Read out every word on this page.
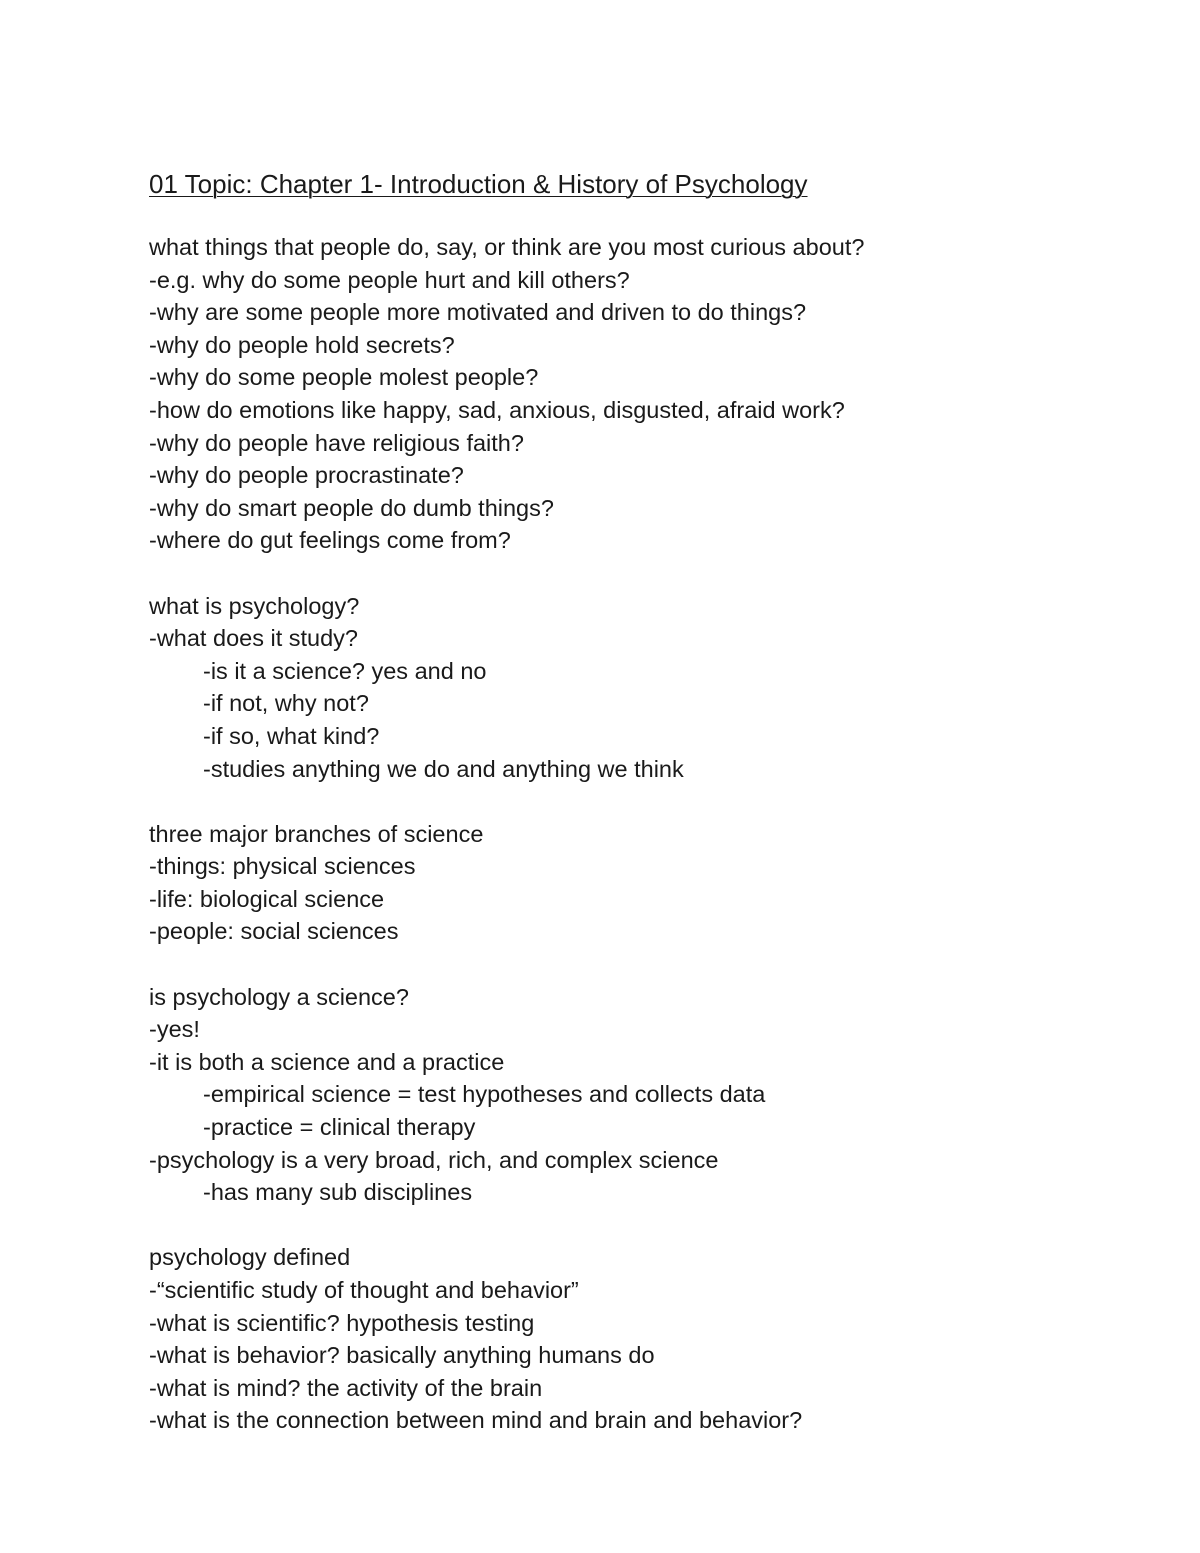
01 Topic: Chapter 1- Introduction & History of Psychology
what things that people do, say, or think are you most curious about?
-e.g. why do some people hurt and kill others?
-why are some people more motivated and driven to do things?
-why do people hold secrets?
-why do some people molest people?
-how do emotions like happy, sad, anxious, disgusted, afraid work?
-why do people have religious faith?
-why do people procrastinate?
-why do smart people do dumb things?
-where do gut feelings come from?
what is psychology?
-what does it study?
-is it a science? yes and no
-if not, why not?
-if so, what kind?
-studies anything we do and anything we think
three major branches of science
-things: physical sciences
-life: biological science
-people: social sciences
is psychology a science?
-yes!
-it is both a science and a practice
-empirical science = test hypotheses and collects data
-practice = clinical therapy
-psychology is a very broad, rich, and complex science
-has many sub disciplines
psychology defined
-“scientific study of thought and behavior”
-what is scientific? hypothesis testing
-what is behavior? basically anything humans do
-what is mind? the activity of the brain
-what is the connection between mind and brain and behavior?
